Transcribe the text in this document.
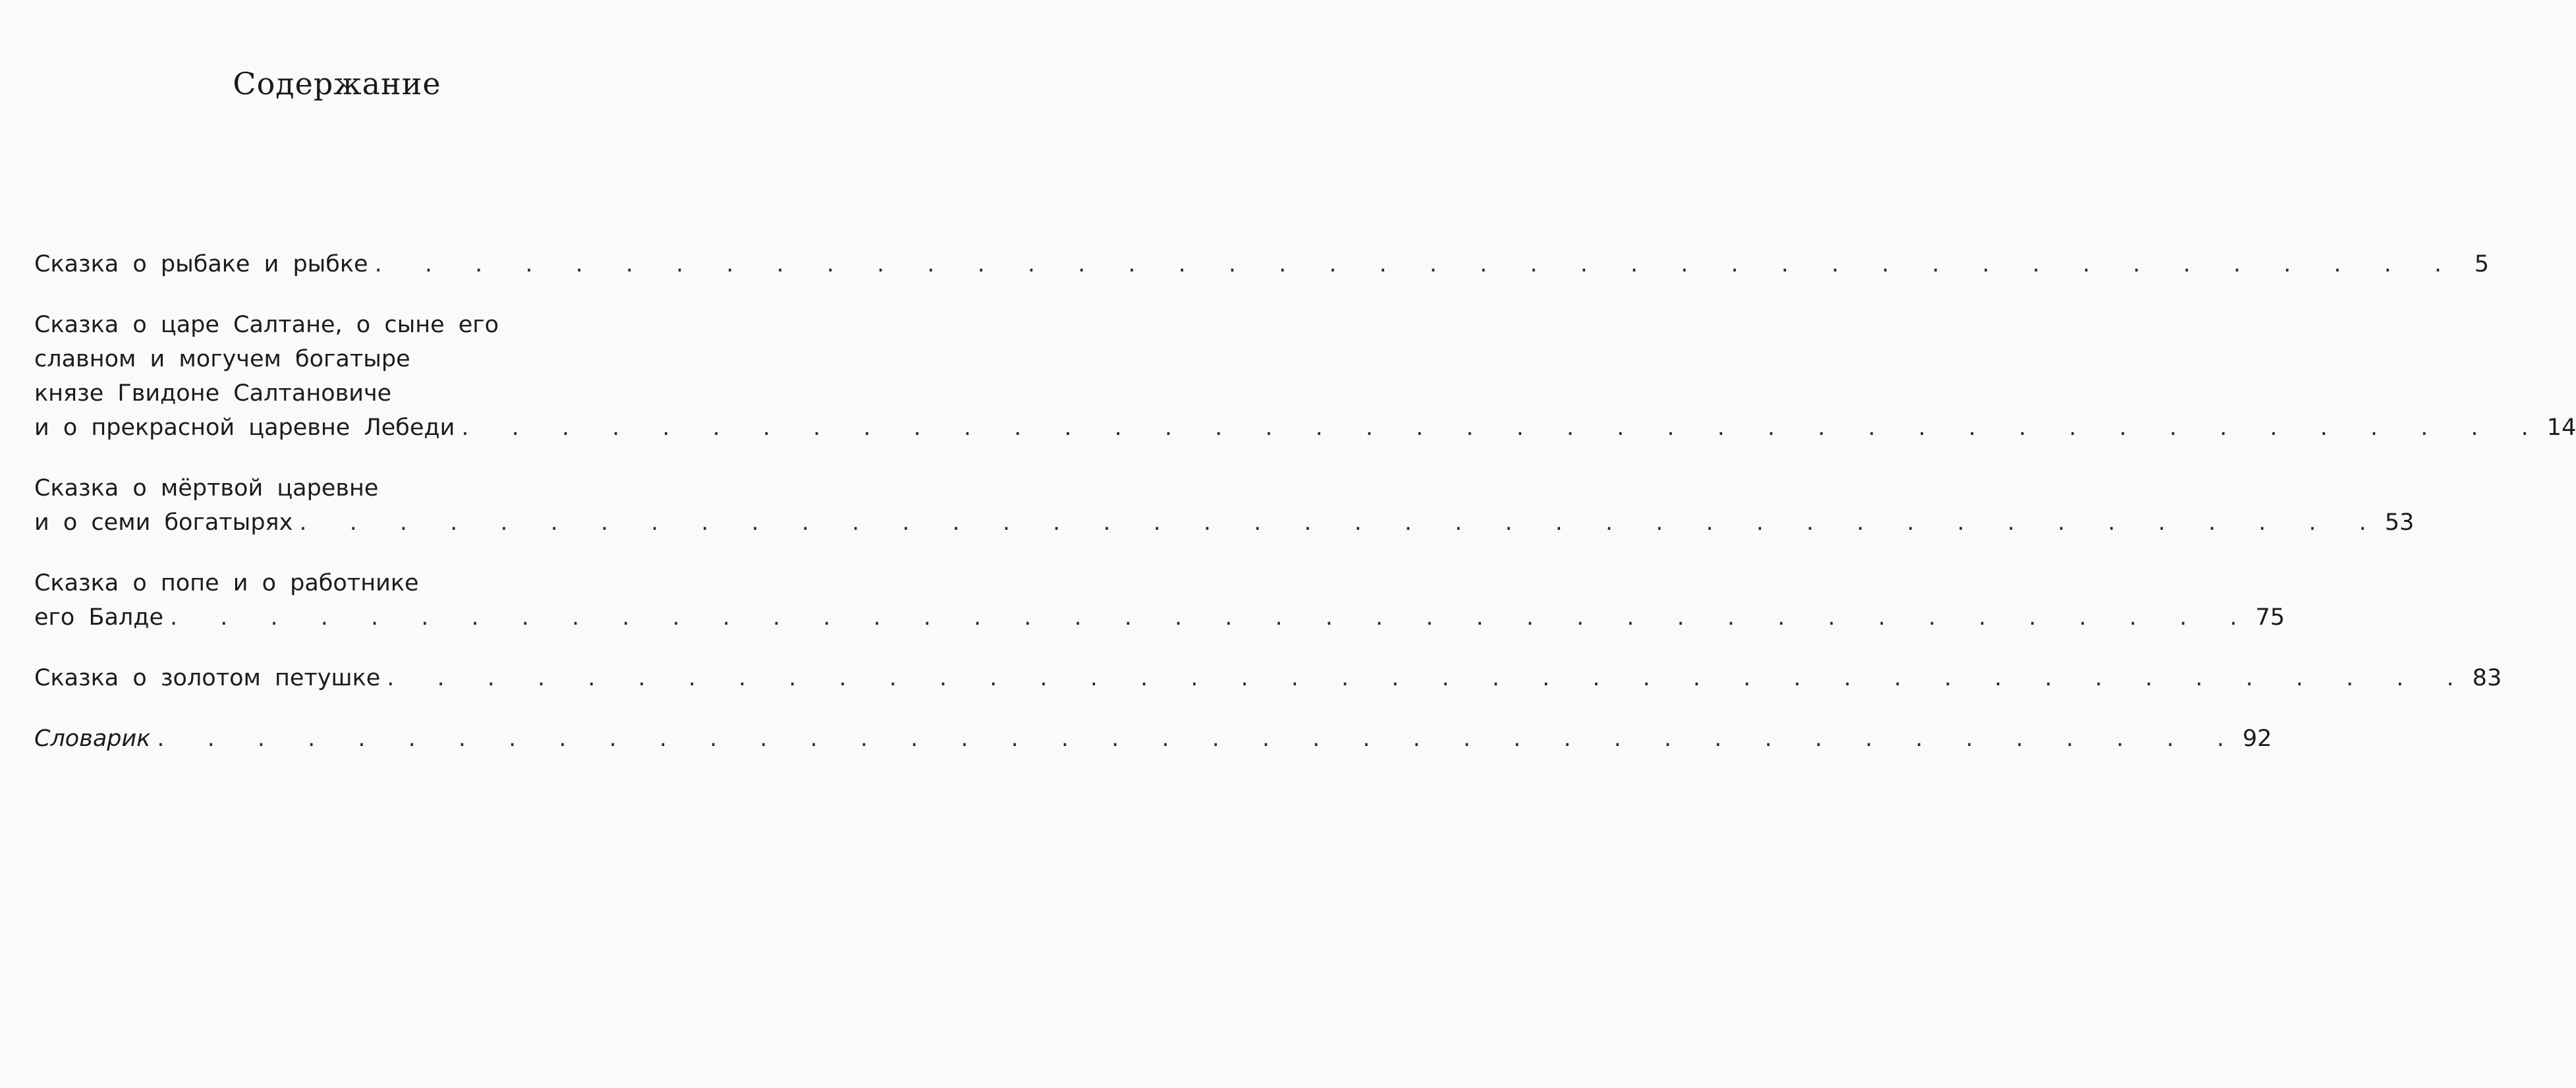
Содержание
Сказка о рыбаке и рыбке . . . . . . . . . . . . . . . . . . . . . . . . . . . . . . . . . . . . . . . . . . 5
Сказка о царе Салтане, о сыне его
славном и могучем богатыре
князе Гвидоне Салтановиче
и о прекрасной царевне Лебеди . . . . . . . . . . . . . . . . . . . . . . . . . . . . . . . . . . . . . . . . . . 14
Сказка о мёртвой царевне
и о семи богатырях . . . . . . . . . . . . . . . . . . . . . . . . . . . . . . . . . . . . . . . . . . 53
Сказка о попе и о работнике
его Балде . . . . . . . . . . . . . . . . . . . . . . . . . . . . . . . . . . . . . . . . . . 75
Сказка о золотом петушке . . . . . . . . . . . . . . . . . . . . . . . . . . . . . . . . . . . . . . . . . . 83
Словарик . . . . . . . . . . . . . . . . . . . . . . . . . . . . . . . . . . . . . . . . . . 92
